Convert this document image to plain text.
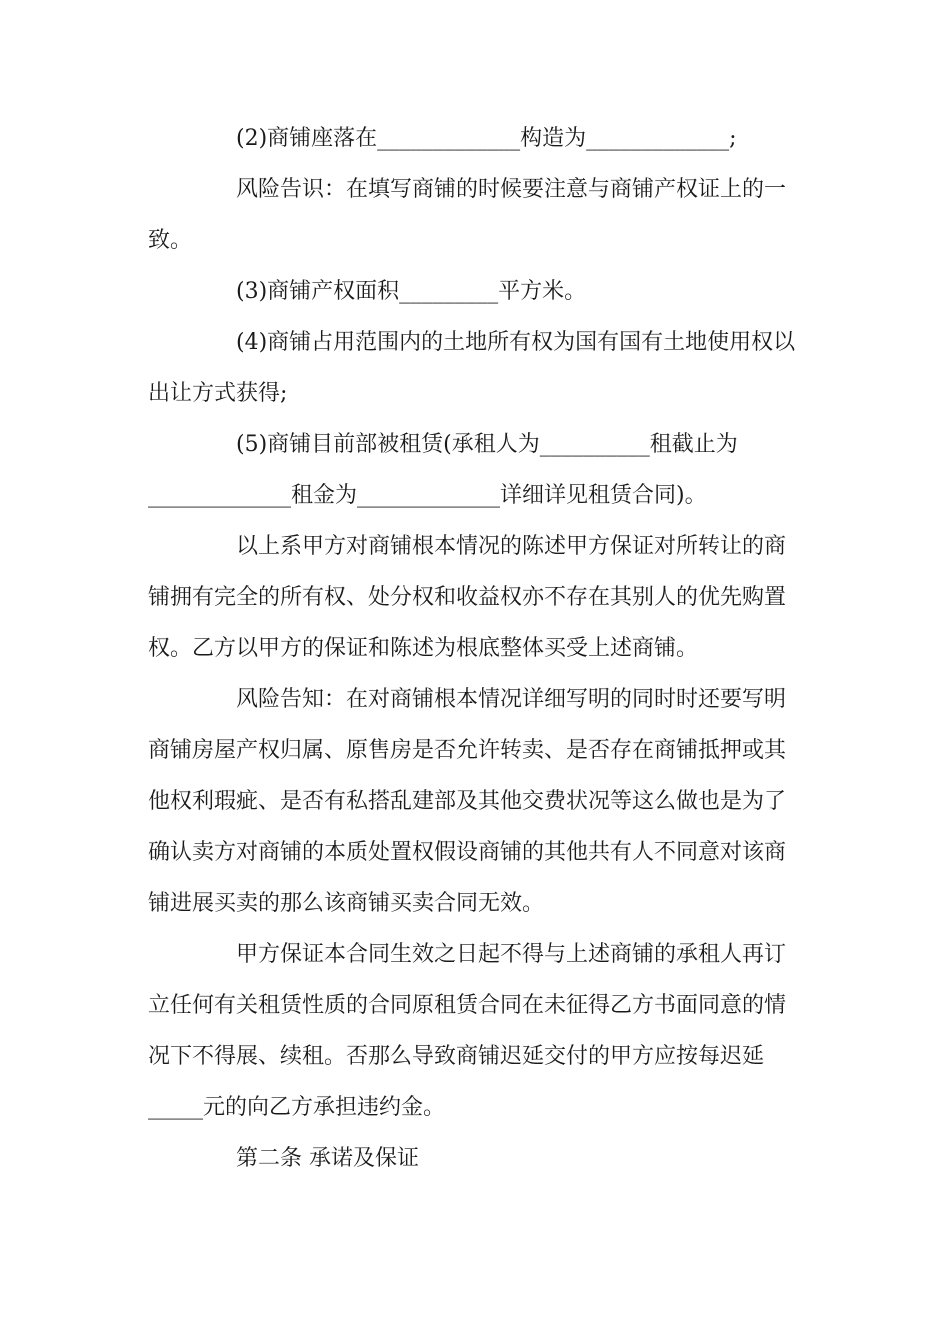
(2)商铺座落在_____________构造为_____________;

风险告识：在填写商铺的时候要注意与商铺产权证上的一致。

(3)商铺产权面积_________平方米。

(4)商铺占用范围内的土地所有权为国有国有土地使用权以出让方式获得;

(5)商铺目前部被租赁(承租人为__________租截止为_____________租金为_____________详细详见租赁合同)。

以上系甲方对商铺根本情况的陈述甲方保证对所转让的商铺拥有完全的所有权、处分权和收益权亦不存在其别人的优先购置权。乙方以甲方的保证和陈述为根底整体买受上述商铺。

风险告知：在对商铺根本情况详细写明的同时时还要写明商铺房屋产权归属、原售房是否允许转卖、是否存在商铺抵押或其他权利瑕疵、是否有私搭乱建部及其他交费状况等这么做也是为了确认卖方对商铺的本质处置权假设商铺的其他共有人不同意对该商铺进展买卖的那么该商铺买卖合同无效。

甲方保证本合同生效之日起不得与上述商铺的承租人再订立任何有关租赁性质的合同原租赁合同在未征得乙方书面同意的情况下不得展、续租。否那么导致商铺迟延交付的甲方应按每迟延_____元的向乙方承担违约金。

第二条 承诺及保证
